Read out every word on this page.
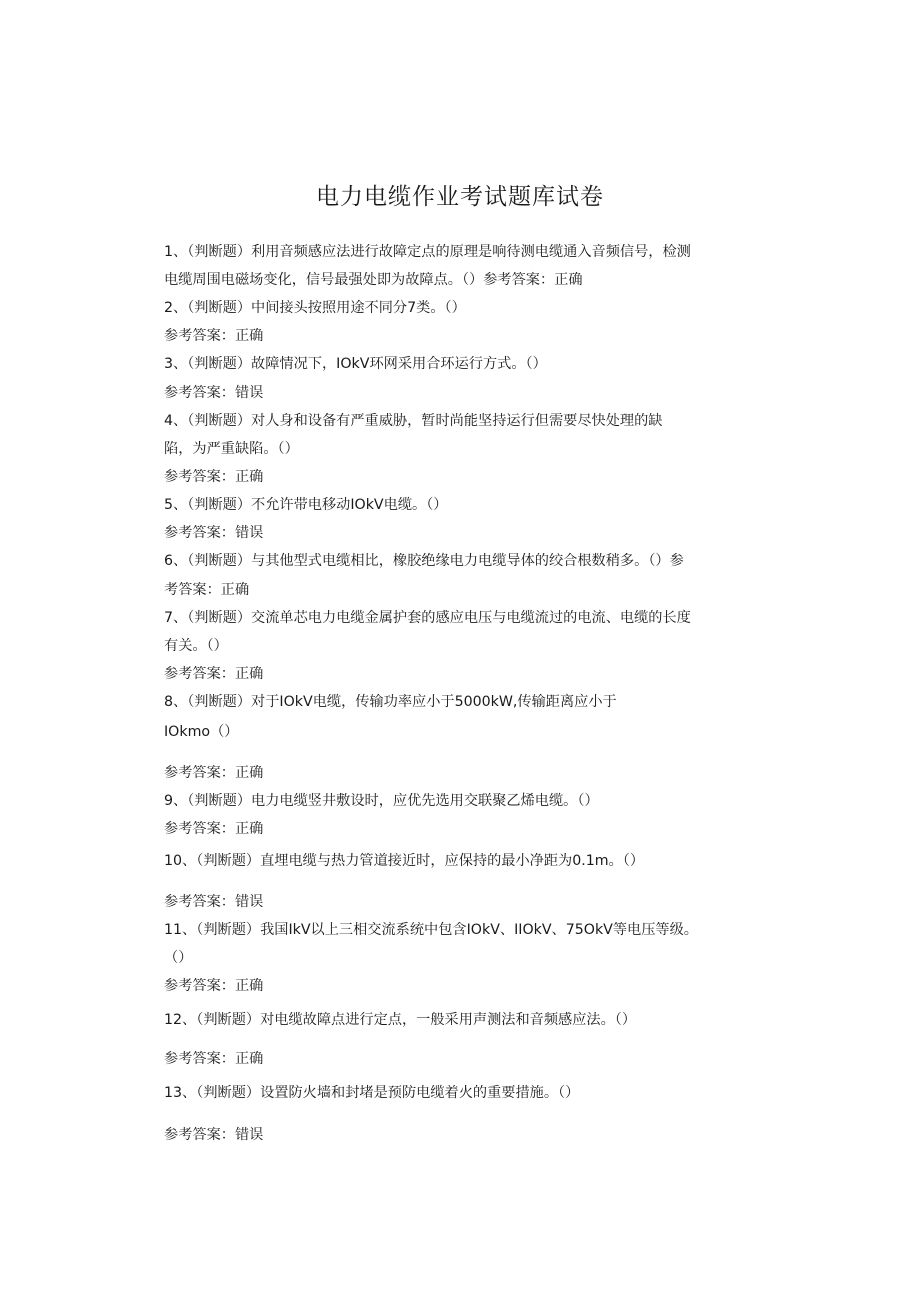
电力电缆作业考试题库试卷
1、（判断题）利用音频感应法进行故障定点的原理是响待测电缆通入音频信号，检测
电缆周围电磁场变化，信号最强处即为故障点。（）参考答案：正确
2、（判断题）中间接头按照用途不同分7类。（）
参考答案：正确
3、（判断题）故障情况下，IOkV环网采用合环运行方式。（）
参考答案：错误
4、（判断题）对人身和设备有严重威胁，暂时尚能坚持运行但需要尽快处理的缺
陷，为严重缺陷。（）
参考答案：正确
5、（判断题）不允许带电移动IOkV电缆。（）
参考答案：错误
6、（判断题）与其他型式电缆相比，橡胶绝缘电力电缆导体的绞合根数稍多。（）参
考答案：正确
7、（判断题）交流单芯电力电缆金属护套的感应电压与电缆流过的电流、电缆的长度
有关。（）
参考答案：正确
8、（判断题）对于IOkV电缆，传输功率应小于5000kW,传输距离应小于
IOkmo（）
参考答案：正确
9、（判断题）电力电缆竖井敷设时，应优先选用交联聚乙烯电缆。（）
参考答案：正确
10、（判断题）直埋电缆与热力管道接近时，应保持的最小净距为0.1m。（）
参考答案：错误
11、（判断题）我国IkV以上三相交流系统中包含IOkV、IIOkV、75OkV等电压等级。
（）
参考答案：正确
12、（判断题）对电缆故障点进行定点，一般采用声测法和音频感应法。（）
参考答案：正确
13、（判断题）设置防火墙和封堵是预防电缆着火的重要措施。（）
参考答案：错误
